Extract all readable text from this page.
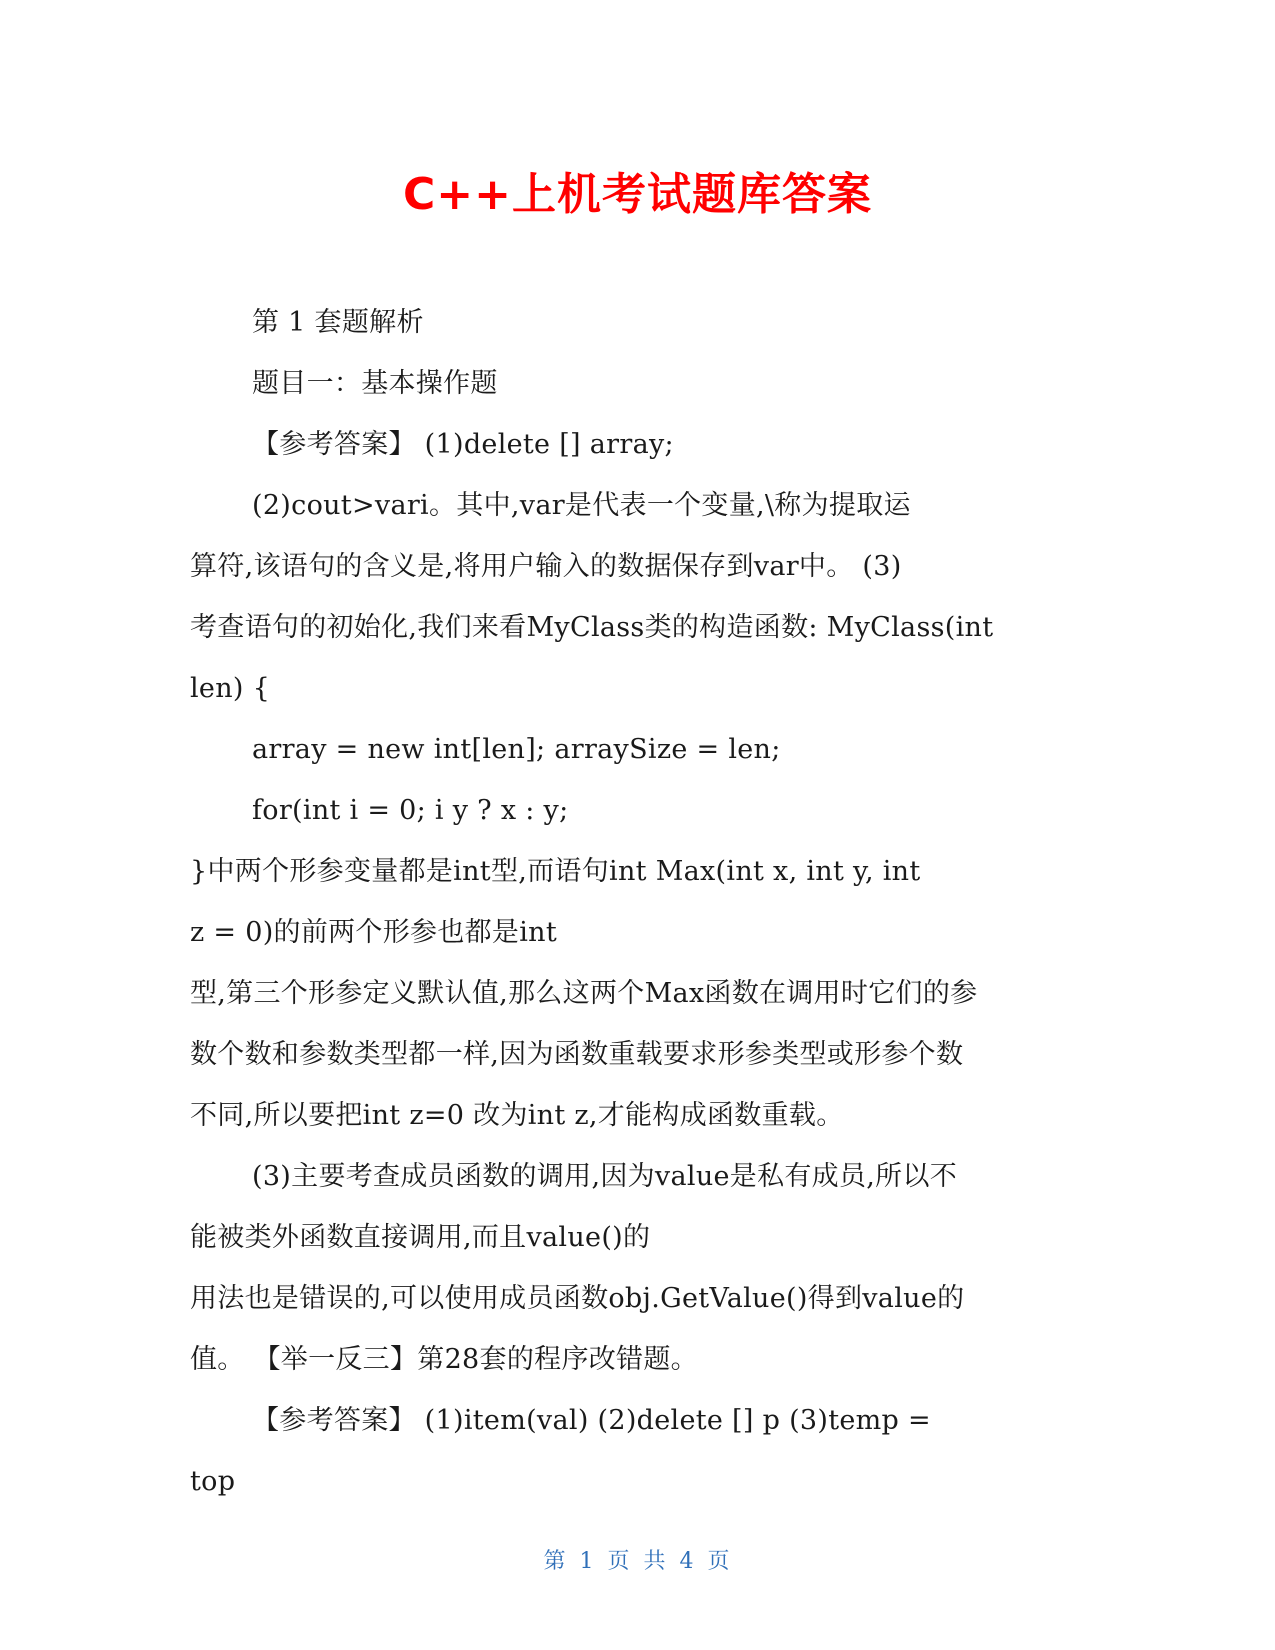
C++上机考试题库答案
第 1 套题解析
题目一：基本操作题
【参考答案】 (1)delete [] array;
(2)cout>vari。其中,var是代表一个变量,\称为提取运
算符,该语句的含义是,将用户输入的数据保存到var中。 (3)
考查语句的初始化,我们来看MyClass类的构造函数: MyClass(int
len) {
array = new int[len]; arraySize = len;
for(int i = 0; i y ? x : y;
}中两个形参变量都是int型,而语句int Max(int x, int y, int
z = 0)的前两个形参也都是int
型,第三个形参定义默认值,那么这两个Max函数在调用时它们的参
数个数和参数类型都一样,因为函数重载要求形参类型或形参个数
不同,所以要把int z=0 改为int z,才能构成函数重载。
(3)主要考查成员函数的调用,因为value是私有成员,所以不
能被类外函数直接调用,而且value()的
用法也是错误的,可以使用成员函数obj.GetValue()得到value的
值。 【举一反三】第28套的程序改错题。
【参考答案】 (1)item(val) (2)delete [] p (3)temp =
top
第 1 页 共 4 页
